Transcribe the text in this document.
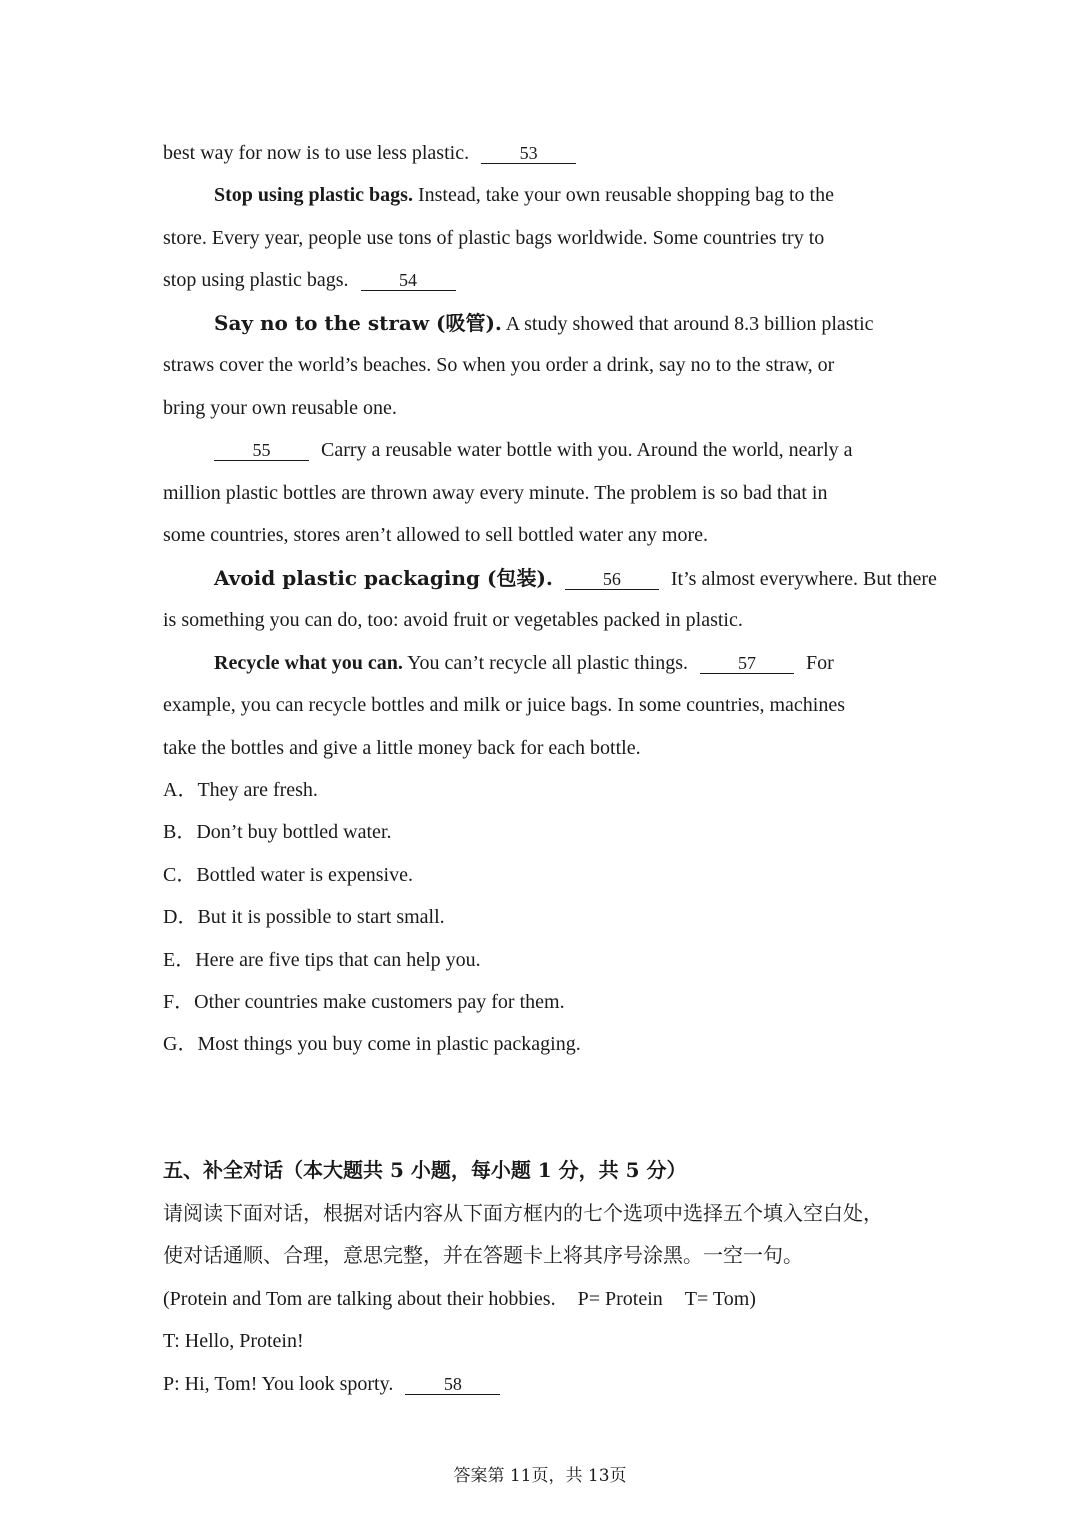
best way for now is to use less plastic.	53
Stop using plastic bags. Instead, take your own reusable shopping bag to the
store. Every year, people use tons of plastic bags worldwide. Some countries try to
stop using plastic bags.	54
Say no to the straw (吸管). A study showed that around 8.3 billion plastic
straws cover the world’s beaches. So when you order a drink, say no to the straw, or
bring your own reusable one.
55	Carry a reusable water bottle with you. Around the world, nearly a
million plastic bottles are thrown away every minute. The problem is so bad that in
some countries, stores aren’t allowed to sell bottled water any more.
Avoid plastic packaging (包装).	56	It’s almost everywhere. But there
is something you can do, too: avoid fruit or vegetables packed in plastic.
Recycle what you can. You can’t recycle all plastic things.	57	For
example, you can recycle bottles and milk or juice bags. In some countries, machines
take the bottles and give a little money back for each bottle.
A．They are fresh.
B．Don’t buy bottled water.
C．Bottled water is expensive.
D．But it is possible to start small.
E．Here are five tips that can help you.
F．Other countries make customers pay for them.
G．Most things you buy come in plastic packaging.
五、补全对话（本大题共 5 小题，每小题 1 分，共 5 分）
请阅读下面对话，根据对话内容从下面方框内的七个选项中选择五个填入空白处，
使对话通顺、合理，意思完整，并在答题卡上将其序号涂黑。一空一句。
(Protein and Tom are talking about their hobbies. P= Protein T= Tom)
T: Hello, Protein!
P: Hi, Tom! You look sporty.	58
答案第 11页，共 13页
